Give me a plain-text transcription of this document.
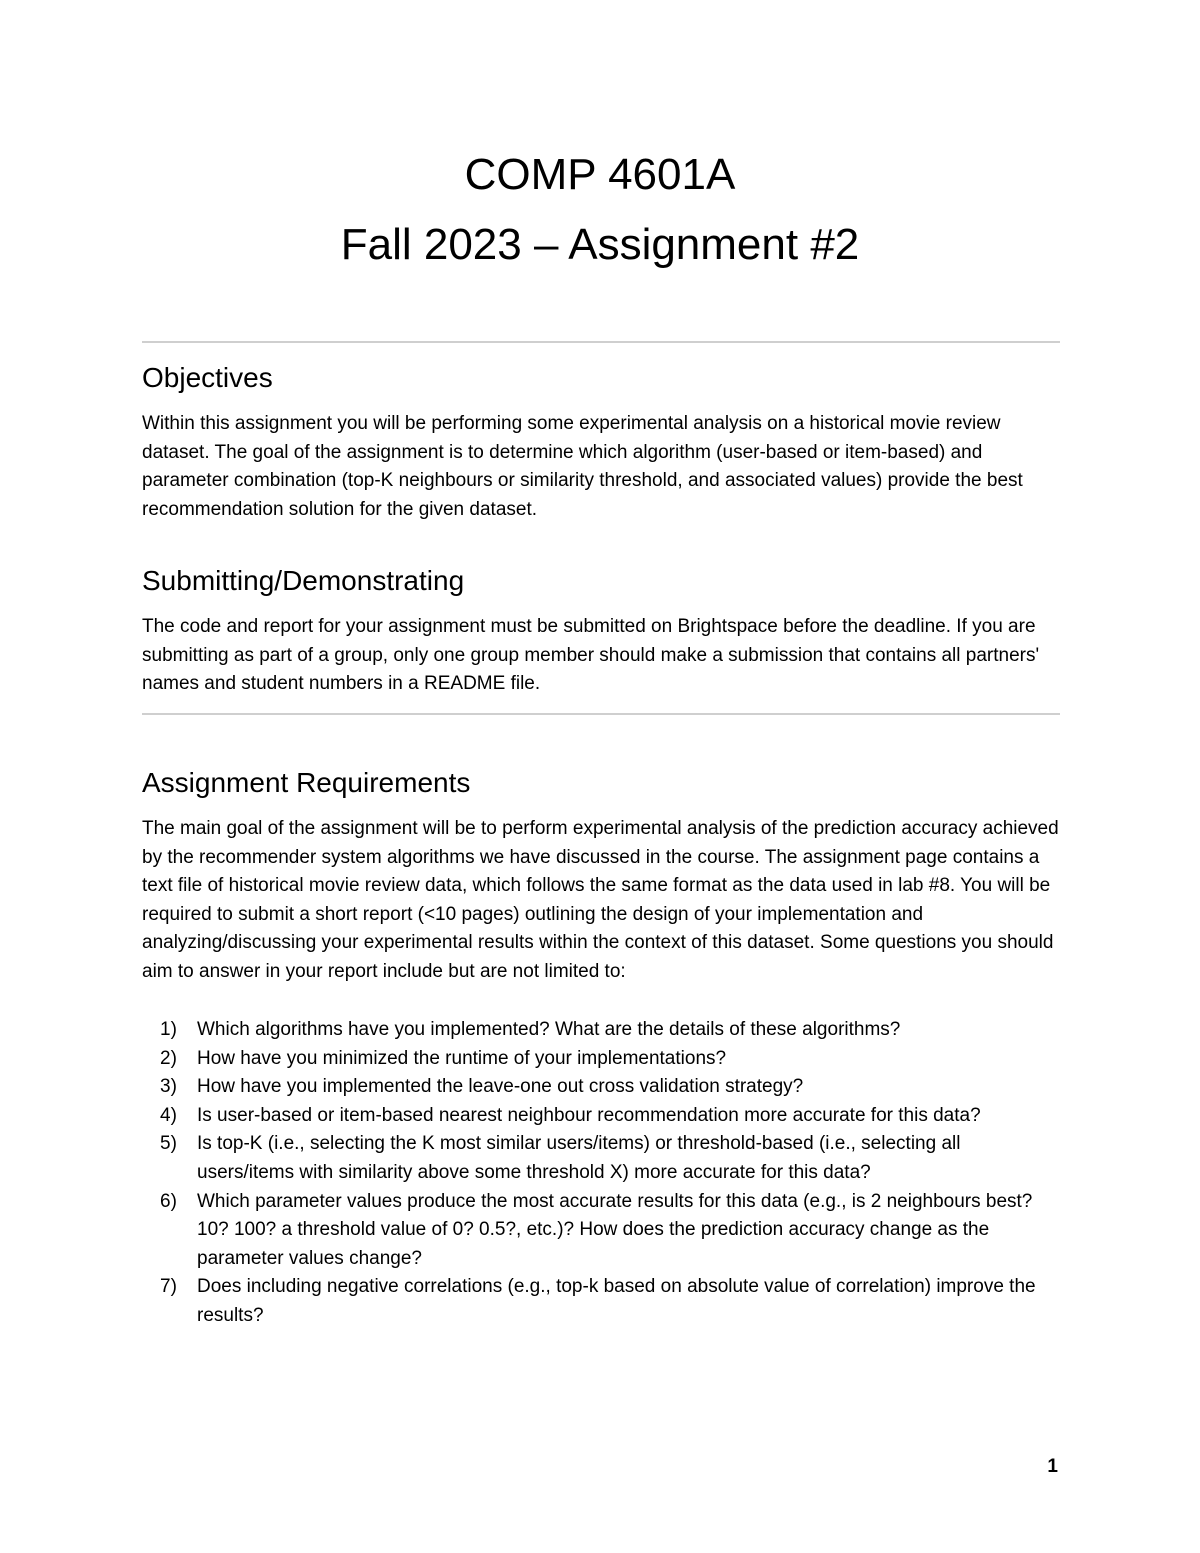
COMP 4601A
Fall 2023 – Assignment #2
Objectives

Within this assignment you will be performing some experimental analysis on a historical movie review dataset. The goal of the assignment is to determine which algorithm (user-based or item-based) and parameter combination (top-K neighbours or similarity threshold, and associated values) provide the best recommendation solution for the given dataset.

Submitting/Demonstrating

The code and report for your assignment must be submitted on Brightspace before the deadline. If you are submitting as part of a group, only one group member should make a submission that contains all partners' names and student numbers in a README file.

Assignment Requirements

The main goal of the assignment will be to perform experimental analysis of the prediction accuracy achieved by the recommender system algorithms we have discussed in the course. The assignment page contains a text file of historical movie review data, which follows the same format as the data used in lab #8. You will be required to submit a short report (<10 pages) outlining the design of your implementation and analyzing/discussing your experimental results within the context of this dataset. Some questions you should aim to answer in your report include but are not limited to:

1) Which algorithms have you implemented? What are the details of these algorithms?
2) How have you minimized the runtime of your implementations?
3) How have you implemented the leave-one out cross validation strategy?
4) Is user-based or item-based nearest neighbour recommendation more accurate for this data?
5) Is top-K (i.e., selecting the K most similar users/items) or threshold-based (i.e., selecting all users/items with similarity above some threshold X) more accurate for this data?
6) Which parameter values produce the most accurate results for this data (e.g., is 2 neighbours best? 10? 100? a threshold value of 0? 0.5?, etc.)? How does the prediction accuracy change as the parameter values change?
7) Does including negative correlations (e.g., top-k based on absolute value of correlation) improve the results?
1
